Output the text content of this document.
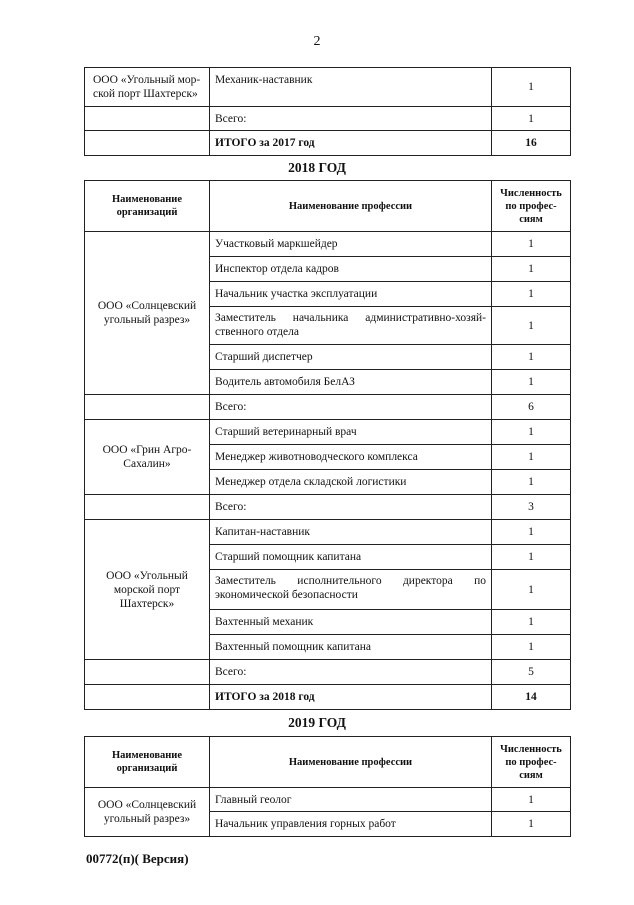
2
ООО «Угольный мор-ской порт Шахтерск»	Механик-наставник	1
	Всего:	1
	ИТОГО за 2017 год	16
2018 ГОД
Наименование организаций	Наименование профессии	Численность по профес-сиям
ООО «Солнцевский угольный разрез»	Участковый маркшейдер	1
	Инспектор отдела кадров	1
	Начальник участка эксплуатации	1
	Заместитель начальника административно-хозяй-ственного отдела	1
	Старший диспетчер	1
	Водитель автомобиля БелАЗ	1
	Всего:	6
ООО «Грин Агро-Сахалин»	Старший ветеринарный врач	1
	Менеджер животноводческого комплекса	1
	Менеджер отдела складской логистики	1
	Всего:	3
ООО «Угольный морской порт Шахтерск»	Капитан-наставник	1
	Старший помощник капитана	1
	Заместитель исполнительного директора по экономической безопасности	1
	Вахтенный механик	1
	Вахтенный помощник капитана	1
	Всего:	5
	ИТОГО за 2018 год	14
2019 ГОД
Наименование организаций	Наименование профессии	Численность по профес-сиям
ООО «Солнцевский угольный разрез»	Главный геолог	1
	Начальник управления горных работ	1
00772(п)( Версия)
